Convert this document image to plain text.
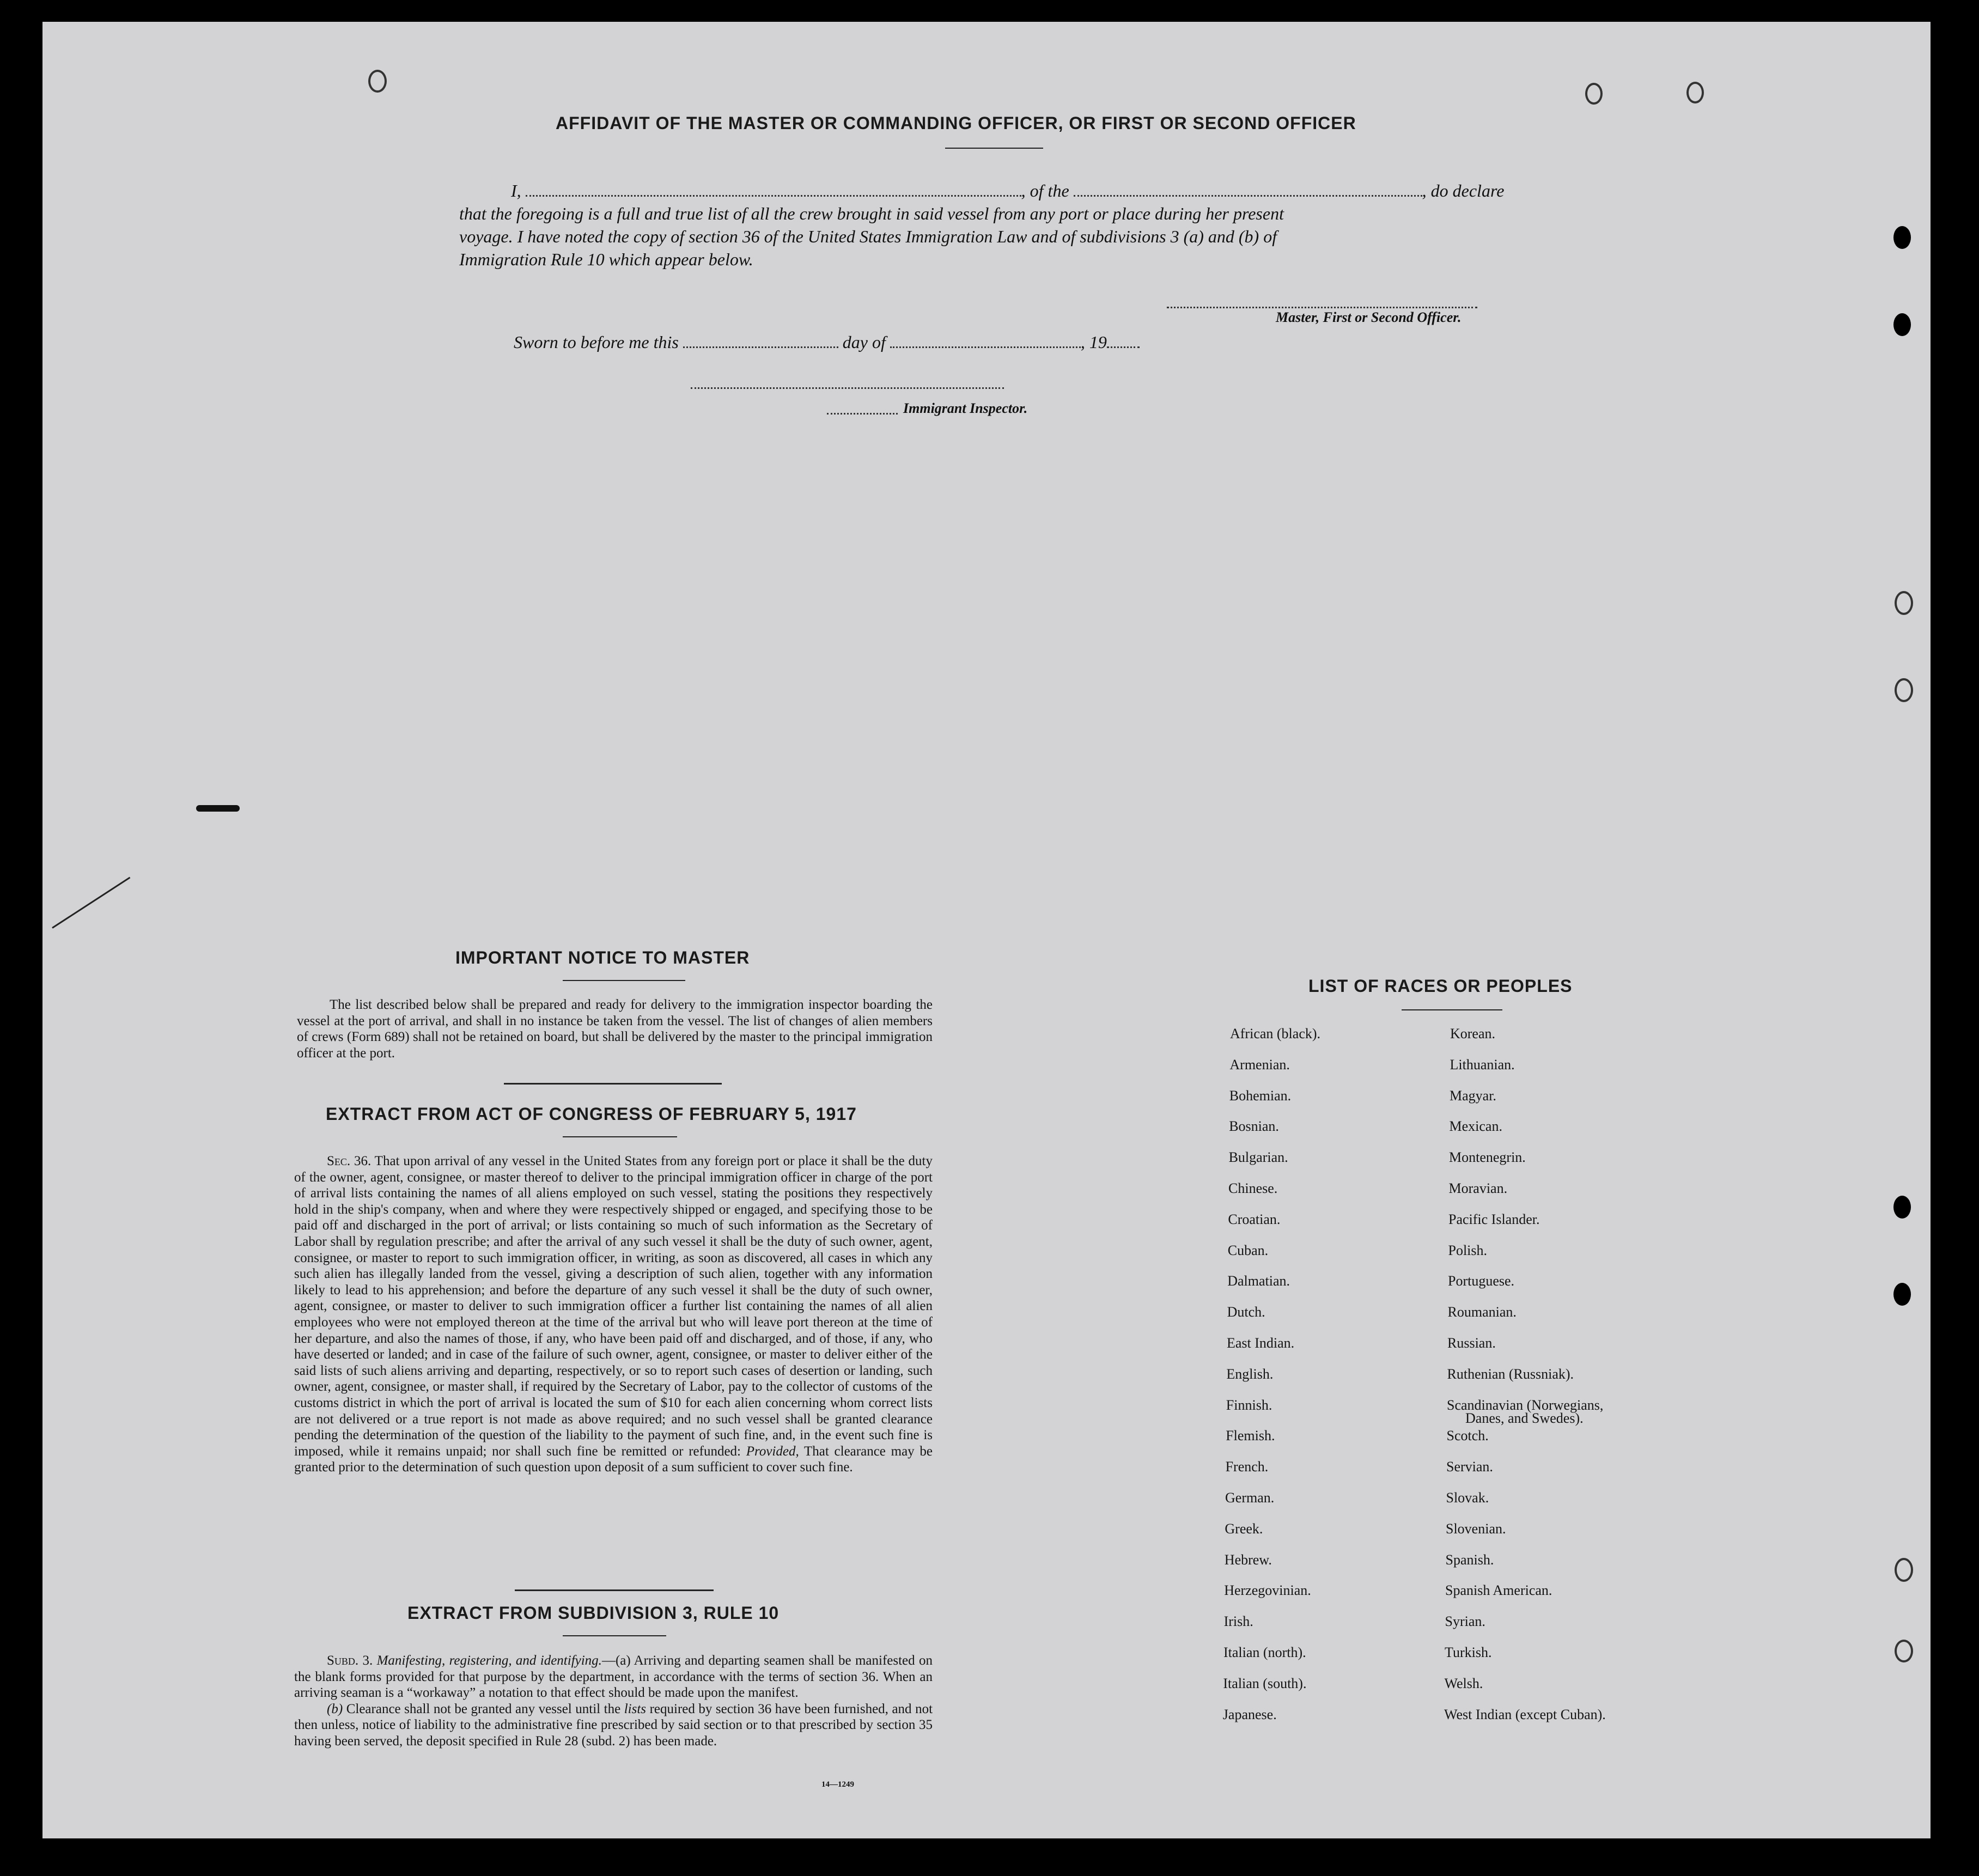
AFFIDAVIT OF THE MASTER OR COMMANDING OFFICER, OR FIRST OR SECOND OFFICER
I,	, of the	, do declare
that the foregoing is a full and true list of all the crew brought in said vessel from any port or place during her present
voyage. I have noted the copy of section 36 of the United States Immigration Law and of subdivisions 3 (a) and (b) of
Immigration Rule 10 which appear below.
Master, First or Second Officer.
Sworn to before me this	day of	, 19
Immigrant Inspector.
IMPORTANT NOTICE TO MASTER

The list described below shall be prepared and ready for delivery to the immigration inspector boarding the vessel at the port of arrival, and shall in no instance be taken from the vessel. The list of changes of alien members of crews (Form 689) shall not be retained on board, but shall be delivered by the master to the principal immigration officer at the port.

EXTRACT FROM ACT OF CONGRESS OF FEBRUARY 5, 1917

Sec. 36. That upon arrival of any vessel in the United States from any foreign port or place it shall be the duty of the owner, agent, consignee, or master thereof to deliver to the principal immigration officer in charge of the port of arrival lists containing the names of all aliens employed on such vessel, stating the positions they respectively hold in the ship's company, when and where they were respectively shipped or engaged, and specifying those to be paid off and discharged in the port of arrival; or lists containing so much of such information as the Secretary of Labor shall by regulation prescribe; and after the arrival of any such vessel it shall be the duty of such owner, agent, consignee, or master to report to such immigration officer, in writing, as soon as discovered, all cases in which any such alien has illegally landed from the vessel, giving a description of such alien, together with any information likely to lead to his apprehension; and before the departure of any such vessel it shall be the duty of such owner, agent, consignee, or master to deliver to such immigration officer a further list containing the names of all alien employees who were not employed thereon at the time of the arrival but who will leave port thereon at the time of her departure, and also the names of those, if any, who have been paid off and discharged, and of those, if any, who have deserted or landed; and in case of the failure of such owner, agent, consignee, or master to deliver either of the said lists of such aliens arriving and departing, respectively, or so to report such cases of desertion or landing, such owner, agent, consignee, or master shall, if required by the Secretary of Labor, pay to the collector of customs of the customs district in which the port of arrival is located the sum of $10 for each alien concerning whom correct lists are not delivered or a true report is not made as above required; and no such vessel shall be granted clearance pending the determination of the question of the liability to the payment of such fine, and, in the event such fine is imposed, while it remains unpaid; nor shall such fine be remitted or refunded: Provided, That clearance may be granted prior to the determination of such question upon deposit of a sum sufficient to cover such fine.

EXTRACT FROM SUBDIVISION 3, RULE 10

Subd. 3. Manifesting, registering, and identifying.—(a) Arriving and departing seamen shall be manifested on the blank forms provided for that purpose by the department, in accordance with the terms of section 36. When an arriving seaman is a “workaway” a notation to that effect should be made upon the manifest.

(b) Clearance shall not be granted any vessel until the lists required by section 36 have been furnished, and not then unless, notice of liability to the administrative fine prescribed by said section or to that prescribed by section 35 having been served, the deposit specified in Rule 28 (subd. 2) has been made.

14—1249
LIST OF RACES OR PEOPLES
African (black).
Armenian.
Bohemian.
Bosnian.
Bulgarian.
Chinese.
Croatian.
Cuban.
Dalmatian.
Dutch.
East Indian.
English.
Finnish.
Flemish.
French.
German.
Greek.
Hebrew.
Herzegovinian.
Irish.
Italian (north).
Italian (south).
Japanese.
Korean.
Lithuanian.
Magyar.
Mexican.
Montenegrin.
Moravian.
Pacific Islander.
Polish.
Portuguese.
Roumanian.
Russian.
Ruthenian (Russniak).
Scandinavian (Norwegians,
Danes, and Swedes).
Scotch.
Servian.
Slovak.
Slovenian.
Spanish.
Spanish American.
Syrian.
Turkish.
Welsh.
West Indian (except Cuban).
